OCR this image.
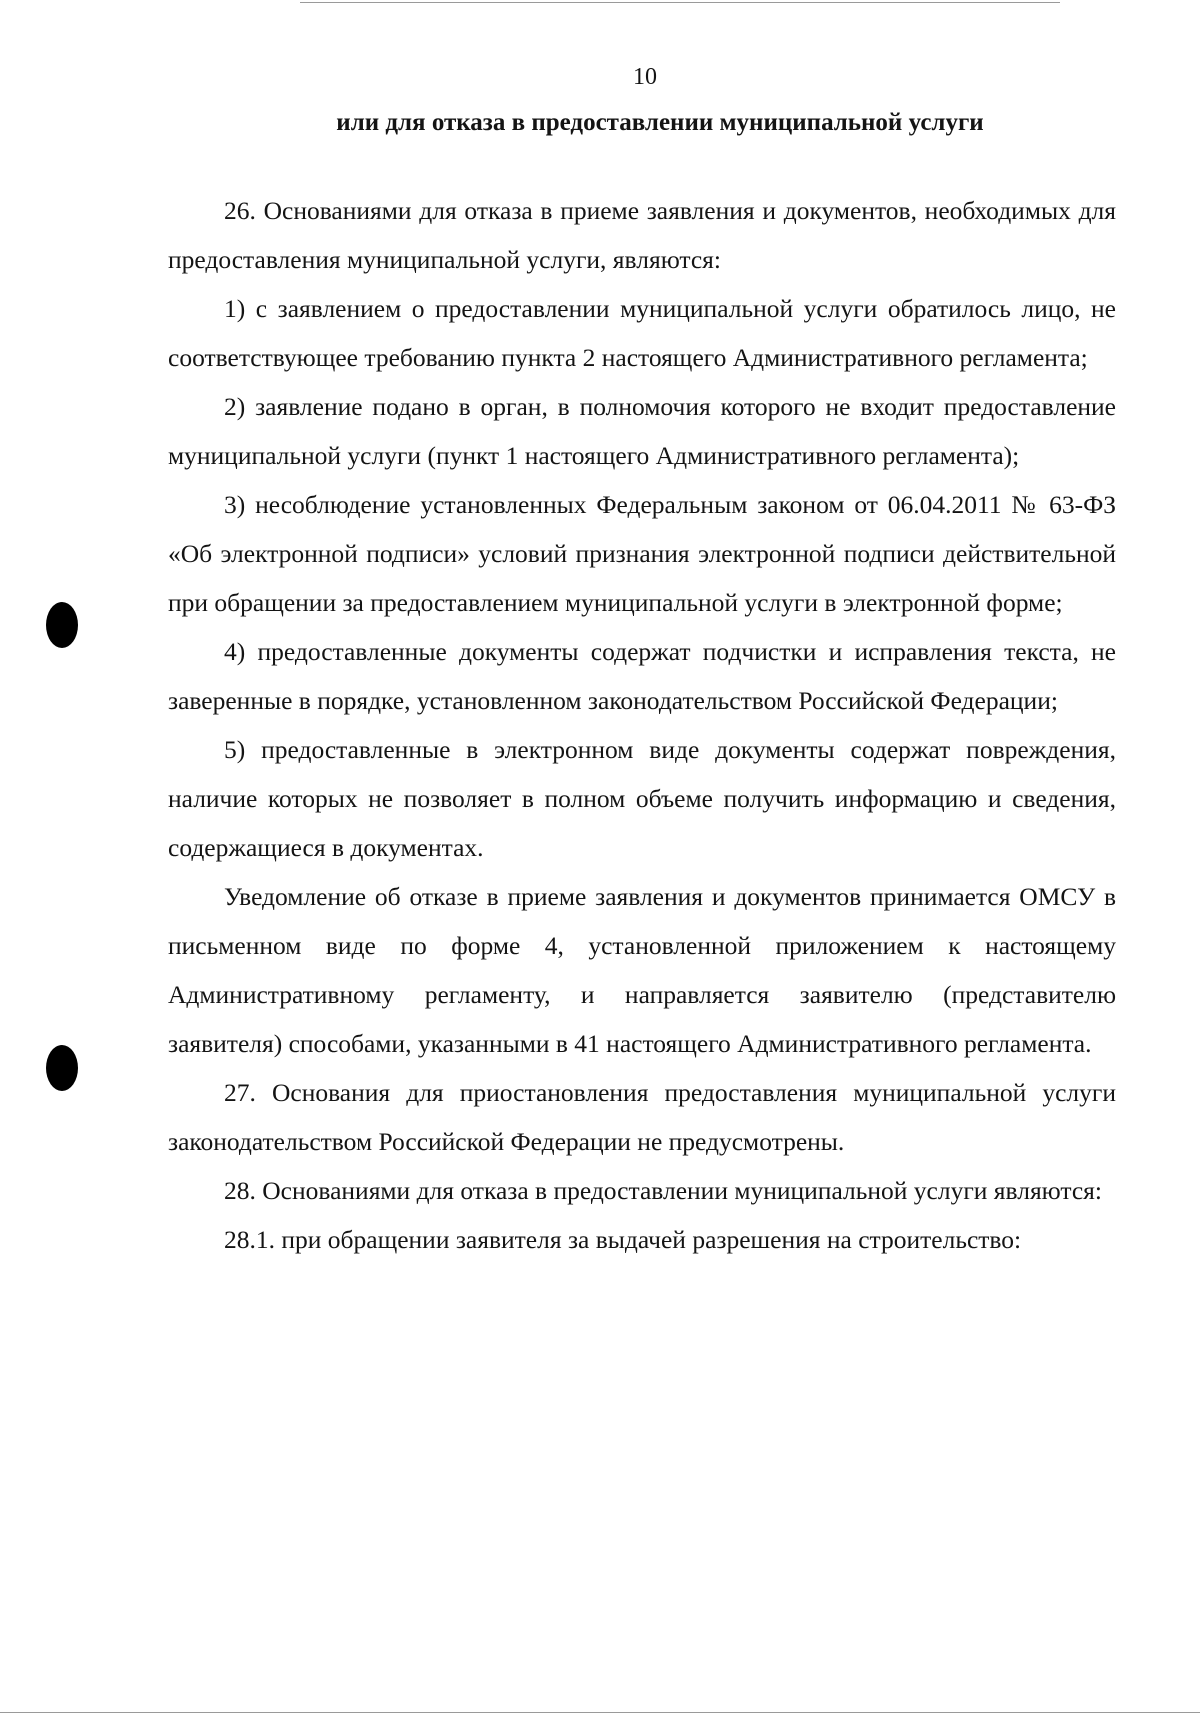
10
или для отказа в предоставлении муниципальной услуги

26. Основаниями для отказа в приеме заявления и документов, необходимых для предоставления муниципальной услуги, являются:

1) с заявлением о предоставлении муниципальной услуги обратилось лицо, не соответствующее требованию пункта 2 настоящего Административного регламента;

2) заявление подано в орган, в полномочия которого не входит предоставление муниципальной услуги (пункт 1 настоящего Административного регламента);

3) несоблюдение установленных Федеральным законом от 06.04.2011 № 63-ФЗ «Об электронной подписи» условий признания электронной подписи действительной при обращении за предоставлением муниципальной услуги в электронной форме;

4) предоставленные документы содержат подчистки и исправления текста, не заверенные в порядке, установленном законодательством Российской Федерации;

5) предоставленные в электронном виде документы содержат повреждения, наличие которых не позволяет в полном объеме получить информацию и сведения, содержащиеся в документах.

Уведомление об отказе в приеме заявления и документов принимается ОМСУ в письменном виде по форме 4, установленной приложением к настоящему Административному регламенту, и направляется заявителю (представителю заявителя) способами, указанными в 41 настоящего Административного регламента.

27. Основания для приостановления предоставления муниципальной услуги законодательством Российской Федерации не предусмотрены.

28. Основаниями для отказа в предоставлении муниципальной услуги являются:

28.1. при обращении заявителя за выдачей разрешения на строительство:
